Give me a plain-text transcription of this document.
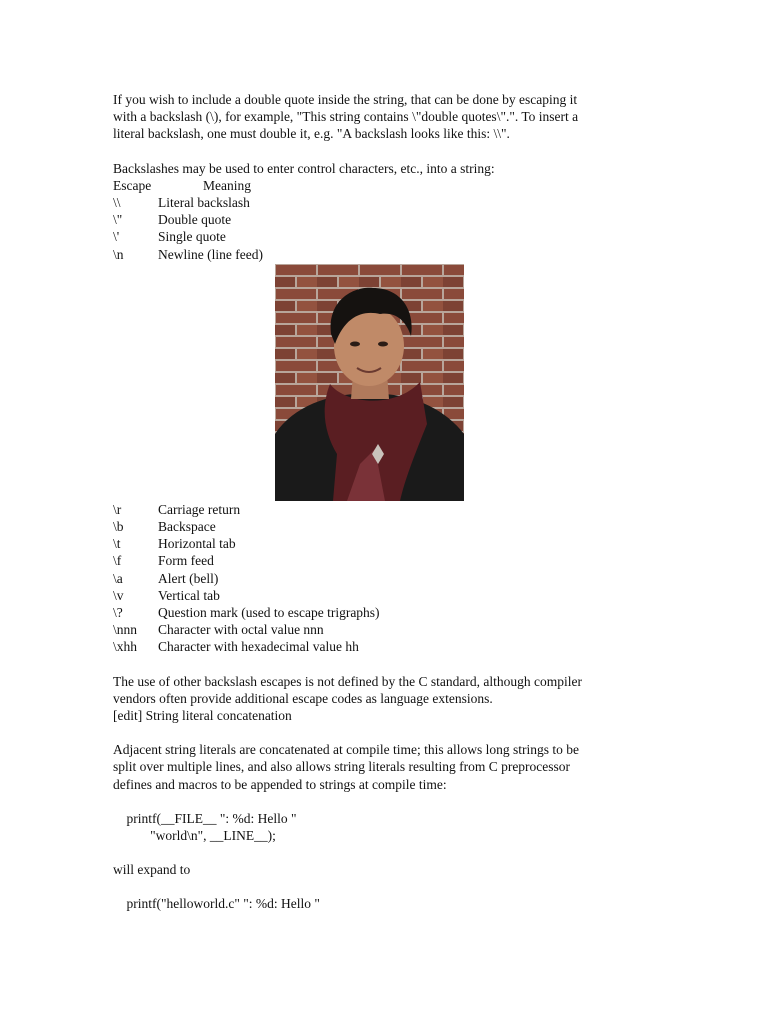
If you wish to include a double quote inside the string, that can be done by escaping it

with a backslash (\), for example, "This string contains \"double quotes\".". To insert a

literal backslash, one must double it, e.g. "A backslash looks like this: \\".

Backslashes may be used to enter control characters, etc., into a string:

Escape	Meaning
\\	Literal backslash
\"	Double quote
\'	Single quote
\n	Newline (line feed)
\r	Carriage return
\b	Backspace
\t	Horizontal tab
\f	Form feed
\a	Alert (bell)
\v	Vertical tab
\?	Question mark (used to escape trigraphs)
\nnn	Character with octal value nnn
\xhh	Character with hexadecimal value hh

The use of other backslash escapes is not defined by the C standard, although compiler

vendors often provide additional escape codes as language extensions.

[edit] String literal concatenation

Adjacent string literals are concatenated at compile time; this allows long strings to be

split over multiple lines, and also allows string literals resulting from C preprocessor

defines and macros to be appended to strings at compile time:

printf(__FILE__ ": %d: Hello "

"world\n", __LINE__);

will expand to

printf("helloworld.c" ": %d: Hello "
